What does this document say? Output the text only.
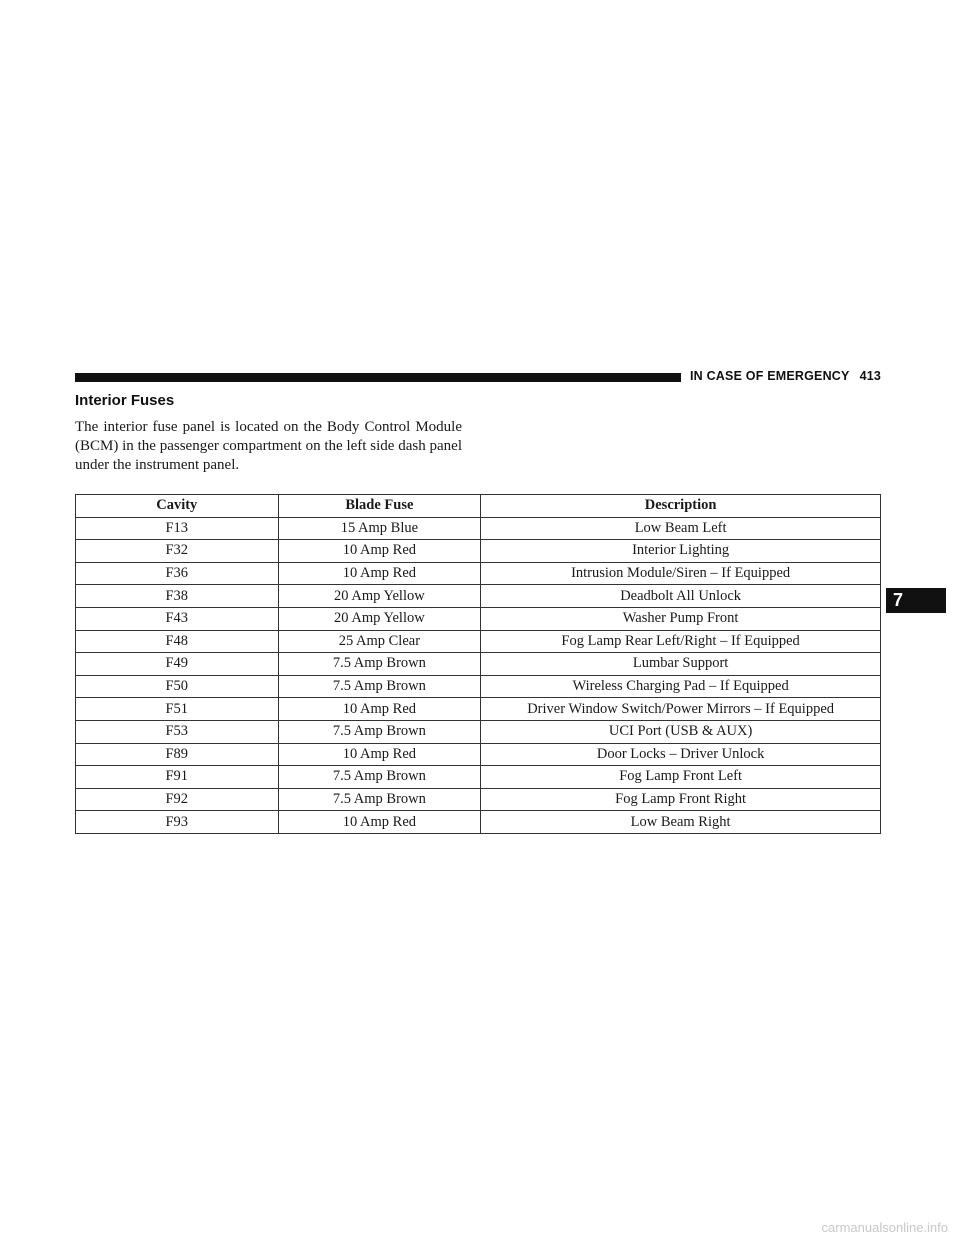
IN CASE OF EMERGENCY 413
Interior Fuses

The interior fuse panel is located on the Body Control Module (BCM) in the passenger compartment on the left side dash panel under the instrument panel.

Cavity	Blade Fuse	Description
F13	15 Amp Blue	Low Beam Left
F32	10 Amp Red	Interior Lighting
F36	10 Amp Red	Intrusion Module/Siren – If Equipped
F38	20 Amp Yellow	Deadbolt All Unlock
F43	20 Amp Yellow	Washer Pump Front
F48	25 Amp Clear	Fog Lamp Rear Left/Right – If Equipped
F49	7.5 Amp Brown	Lumbar Support
F50	7.5 Amp Brown	Wireless Charging Pad – If Equipped
F51	10 Amp Red	Driver Window Switch/Power Mirrors – If Equipped
F53	7.5 Amp Brown	UCI Port (USB & AUX)
F89	10 Amp Red	Door Locks – Driver Unlock
F91	7.5 Amp Brown	Fog Lamp Front Left
F92	7.5 Amp Brown	Fog Lamp Front Right
F93	10 Amp Red	Low Beam Right
7
carmanualsonline.info
